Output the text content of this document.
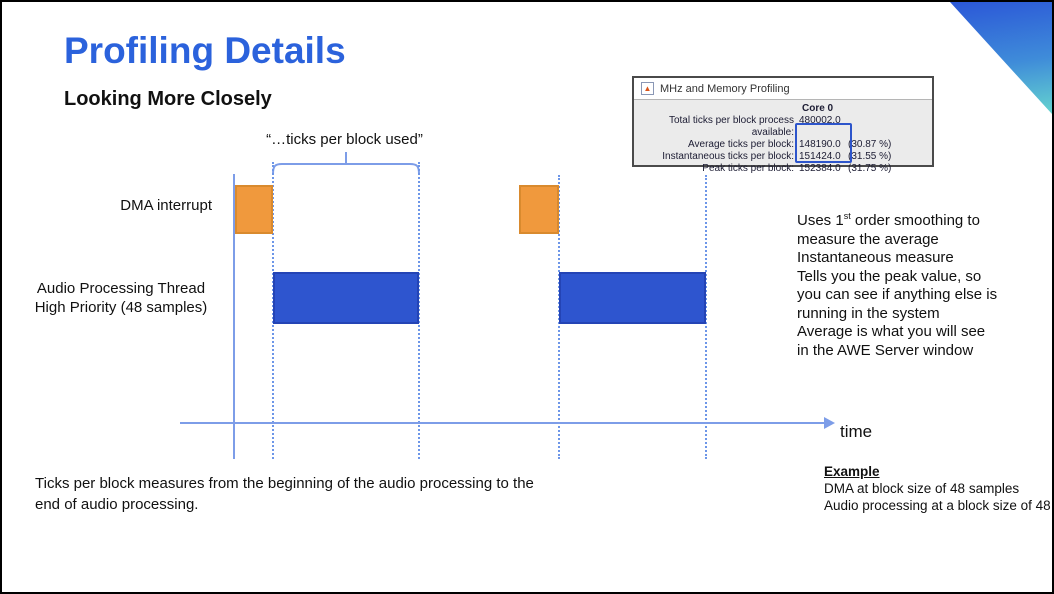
Profiling Details
Looking More Closely	▲ MHz and Memory Profiling
Core 0
Total ticks per block process available:
480002.0
Average ticks per block: 148190.0 (30.87 %)
Instantaneous ticks per block: 151424.0 (31.55 %)
Peak ticks per block: 152384.0 (31.75 %)
“…ticks per block used”
DMA interrupt
Audio Processing Thread
High Priority (48 samples)
time
Ticks per block measures from the beginning of the audio processing to the end of audio processing.
Uses 1st order smoothing to
measure the average
Instantaneous measure
Tells you the peak value, so
you can see if anything else is
running in the system
Average is what you will see
in the AWE Server window
Example
DMA at block size of 48 samples
Audio processing at a block size of 48
